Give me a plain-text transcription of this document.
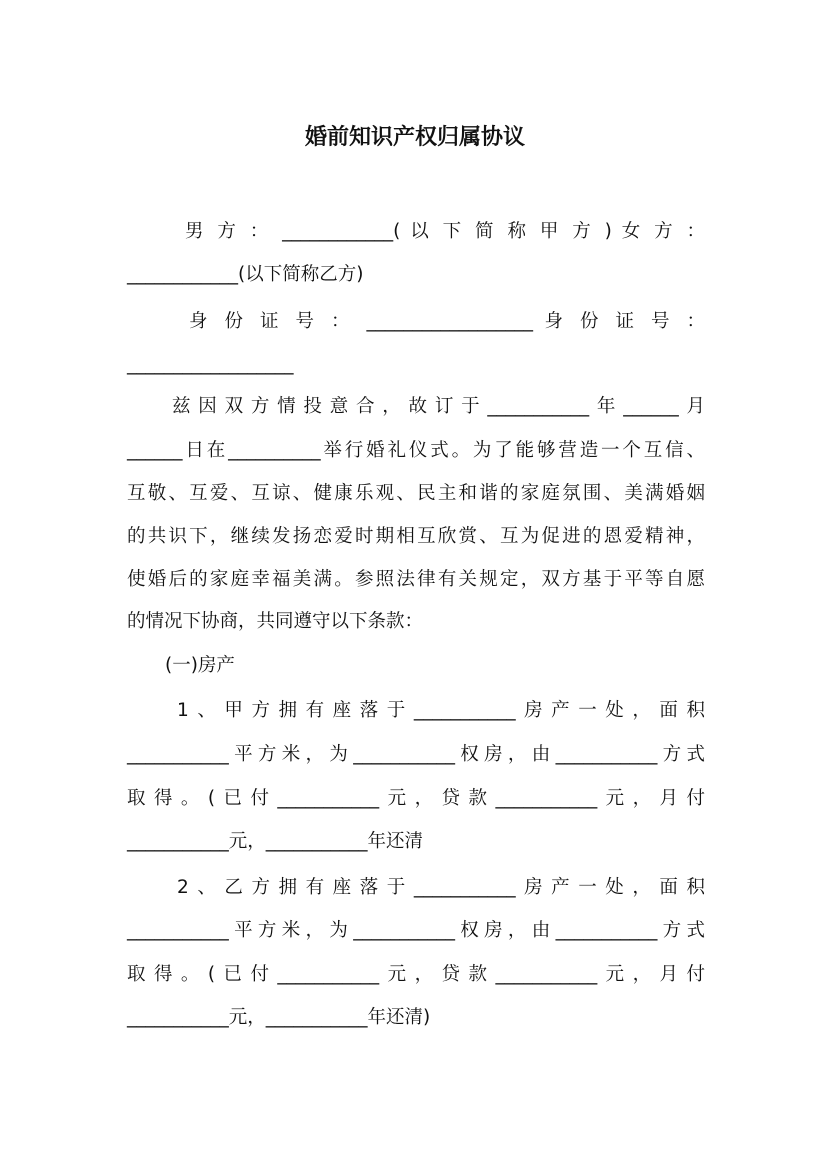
婚前知识产权归属协议
男 方 ： ____________( 以 下 简 称 甲 方 ) 女 方 ：
____________(以下简称乙方)
身 份 证 号 ： __________________ 身 份 证 号 ：
__________________
兹因双方情投意合，故订于___________年______月
______日在__________举行婚礼仪式。为了能够营造一个互信、
互敬、互爱、互谅、健康乐观、民主和谐的家庭氛围、美满婚姻
的共识下，继续发扬恋爱时期相互欣赏、互为促进的恩爱精神，
使婚后的家庭幸福美满。参照法律有关规定，双方基于平等自愿
的情况下协商，共同遵守以下条款：
(一)房产
1、甲方拥有座落于___________房产一处，面积
___________平方米，为___________权房，由___________方式
取得。(已付___________元，贷款___________元，月付
___________元，___________年还清
2、乙方拥有座落于___________房产一处，面积
___________平方米，为___________权房，由___________方式
取得。(已付___________元，贷款___________元，月付
___________元，___________年还清)
